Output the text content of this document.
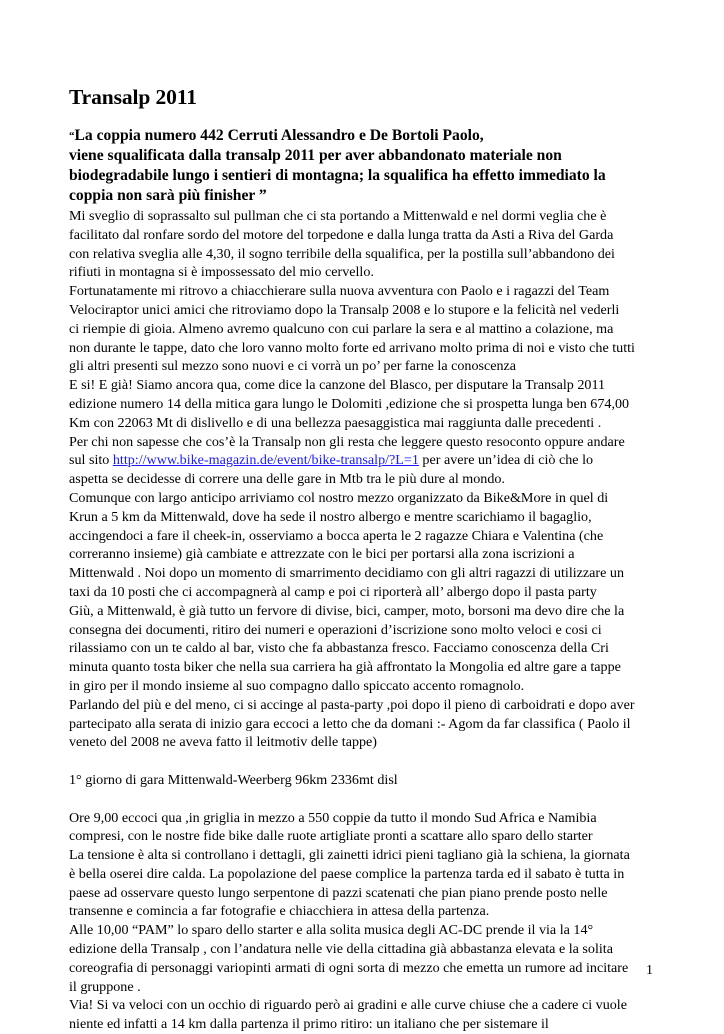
Transalp 2011
“La coppia numero 442 Cerruti Alessandro e De Bortoli Paolo,
viene squalificata dalla transalp 2011 per aver abbandonato materiale non
biodegradabile lungo i sentieri di montagna; la squalifica ha effetto immediato la
coppia non sarà più finisher ”
Mi sveglio di soprassalto sul pullman che ci sta portando a Mittenwald e nel dormi veglia che è
facilitato dal ronfare sordo del motore del torpedone e dalla lunga tratta da Asti a Riva del Garda
con relativa sveglia alle 4,30, il sogno terribile della squalifica, per la postilla sull’abbandono dei
rifiuti in montagna si è impossessato del mio cervello.
Fortunatamente mi ritrovo a chiacchierare sulla nuova avventura con Paolo e i ragazzi del Team
Velociraptor unici amici che ritroviamo dopo la Transalp 2008 e lo stupore e la felicità nel vederli
ci riempie di gioia. Almeno avremo qualcuno con cui parlare la sera e al mattino a colazione, ma
non durante le tappe, dato che loro vanno molto forte ed arrivano molto prima di noi e visto che tutti
gli altri presenti sul mezzo sono nuovi e ci vorrà un po’ per farne la conoscenza
E si! E già! Siamo ancora qua, come dice la canzone del Blasco, per disputare la Transalp 2011
edizione numero 14 della mitica gara lungo le Dolomiti ,edizione che si prospetta lunga ben 674,00
Km con 22063 Mt di dislivello e di una bellezza paesaggistica mai raggiunta dalle precedenti .
Per chi non sapesse che cos’è la Transalp non gli resta che leggere questo resoconto oppure andare
sul sito http://www.bike-magazin.de/event/bike-transalp/?L=1 per avere un’idea di ciò che lo
aspetta se decidesse di correre una delle gare in Mtb tra le più dure al mondo.
Comunque con largo anticipo arriviamo col nostro mezzo organizzato da Bike&More in quel di
Krun a 5 km da Mittenwald, dove ha sede il nostro albergo e mentre scarichiamo il bagaglio,
accingendoci a fare il cheek-in, osserviamo a bocca aperta le 2 ragazze Chiara e Valentina (che
correranno insieme) già cambiate e attrezzate con le bici per portarsi alla zona iscrizioni a
Mittenwald . Noi dopo un momento di smarrimento decidiamo con gli altri ragazzi di utilizzare un
taxi da 10 posti che ci accompagnerà al camp e poi ci riporterà all’ albergo dopo il pasta party
Giù, a Mittenwald, è già tutto un fervore di divise, bici, camper, moto, borsoni ma devo dire che la
consegna dei documenti, ritiro dei numeri e operazioni d’iscrizione sono molto veloci e cosi ci
rilassiamo con un te caldo al bar, visto che fa abbastanza fresco. Facciamo conoscenza della Cri
minuta quanto tosta biker che nella sua carriera ha già affrontato la Mongolia ed altre gare a tappe
in giro per il mondo insieme al suo compagno dallo spiccato accento romagnolo.
Parlando del più e del meno, ci si accinge al pasta-party ,poi dopo il pieno di carboidrati e dopo aver
partecipato alla serata di inizio gara eccoci a letto che da domani :- Agom da far classifica ( Paolo il
veneto del 2008 ne aveva fatto il leitmotiv delle tappe)
1° giorno di gara Mittenwald-Weerberg 96km 2336mt disl
Ore 9,00 eccoci qua ,in griglia in mezzo a 550 coppie da tutto il mondo Sud Africa e Namibia
compresi, con le nostre fide bike dalle ruote artigliate pronti a scattare allo sparo dello starter
La tensione è alta si controllano i dettagli, gli zainetti idrici pieni tagliano già la schiena, la giornata
è bella oserei dire calda. La popolazione del paese complice la partenza tarda ed il sabato è tutta in
paese ad osservare questo lungo serpentone di pazzi scatenati che pian piano prende posto nelle
transenne e comincia a far fotografie e chiacchiera in attesa della partenza.
Alle 10,00 “PAM” lo sparo dello starter e alla solita musica degli AC-DC prende il via la 14°
edizione della Transalp , con l’andatura nelle vie della cittadina già abbastanza elevata e la solita
coreografia di personaggi variopinti armati di ogni sorta di mezzo che emetta un rumore ad incitare
il gruppone .
Via! Si va veloci con un occhio di riguardo però ai gradini e alle curve chiuse che a cadere ci vuole
niente ed infatti a 14 km dalla partenza il primo ritiro: un italiano che per sistemare il
1
